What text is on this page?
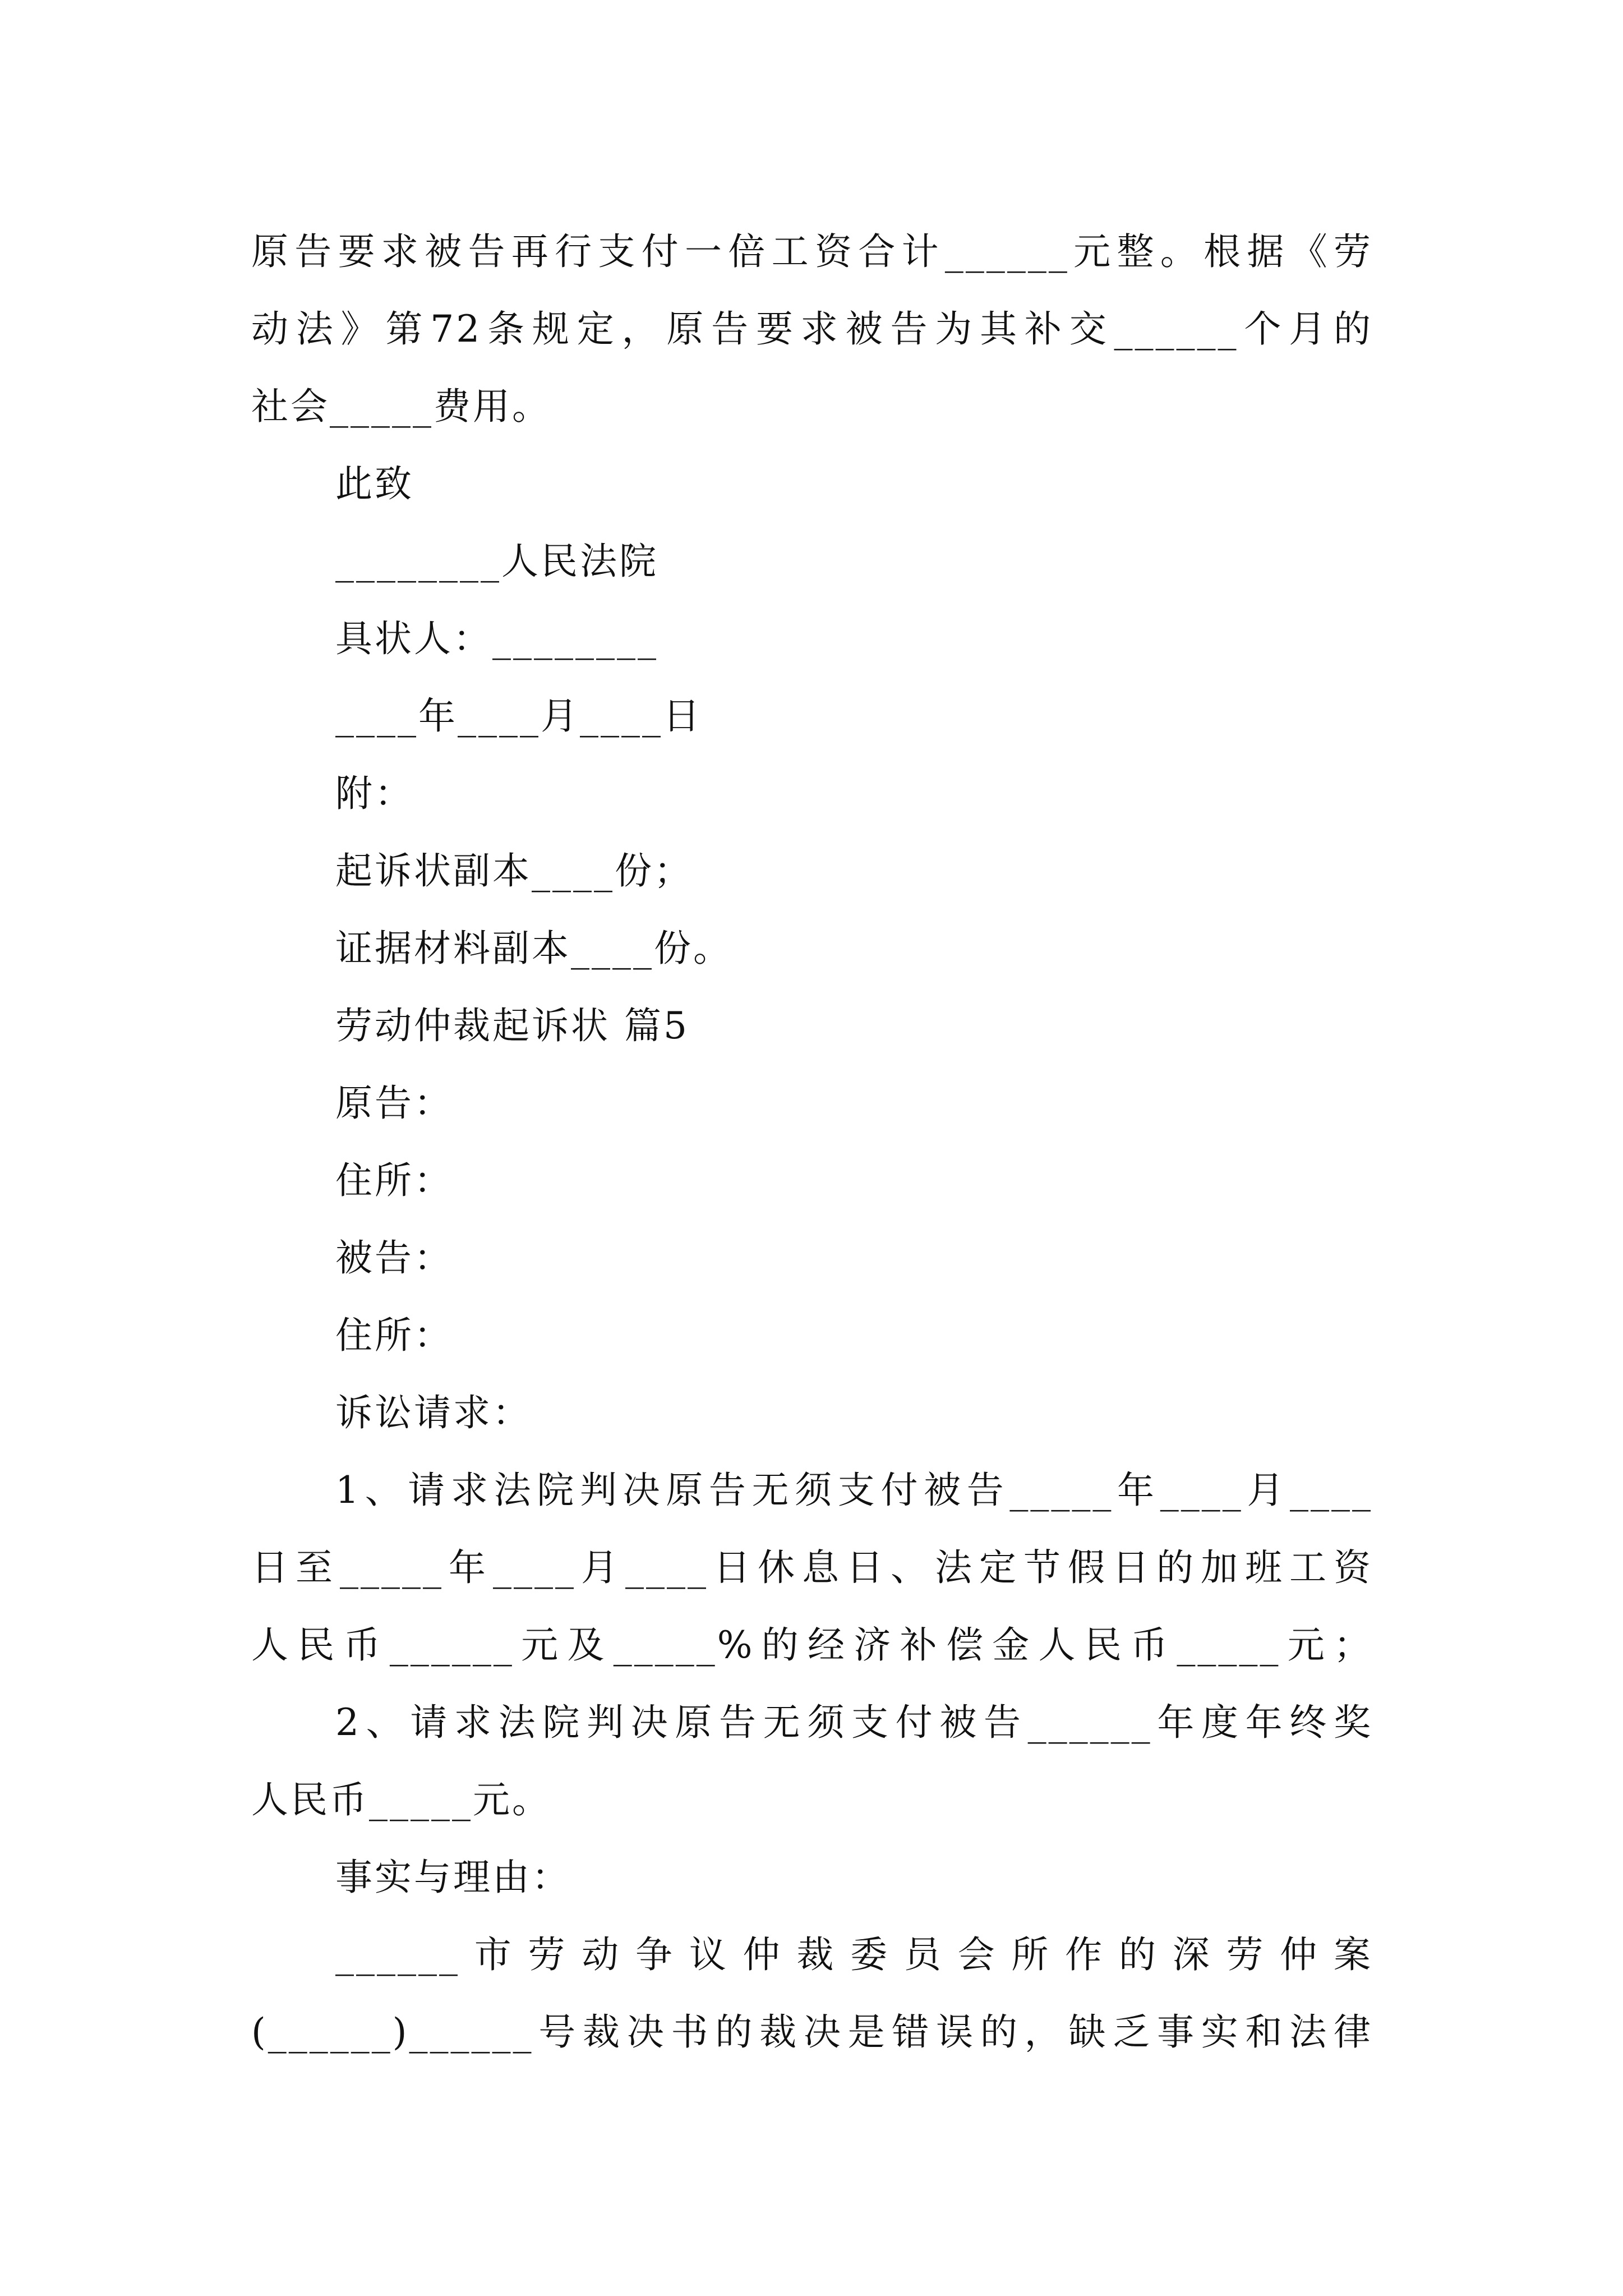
原告要求被告再行支付一倍工资合计______元整。根据《劳
动法》第72条规定，原告要求被告为其补交______个月的
社会_____费用。
此致
________人民法院
具状人：________
____年____月____日
附：
起诉状副本____份；
证据材料副本____份。
劳动仲裁起诉状 篇5
原告：
住所：
被告：
住所：
诉讼请求：
1、请求法院判决原告无须支付被告_____年____月____
日至_____年____月____日休息日、法定节假日的加班工资
人民币______元及_____%的经济补偿金人民币_____元；
2、请求法院判决原告无须支付被告______年度年终奖
人民币_____元。
事实与理由：
______市劳动争议仲裁委员会所作的深劳仲案
(______)______号裁决书的裁决是错误的，缺乏事实和法律
